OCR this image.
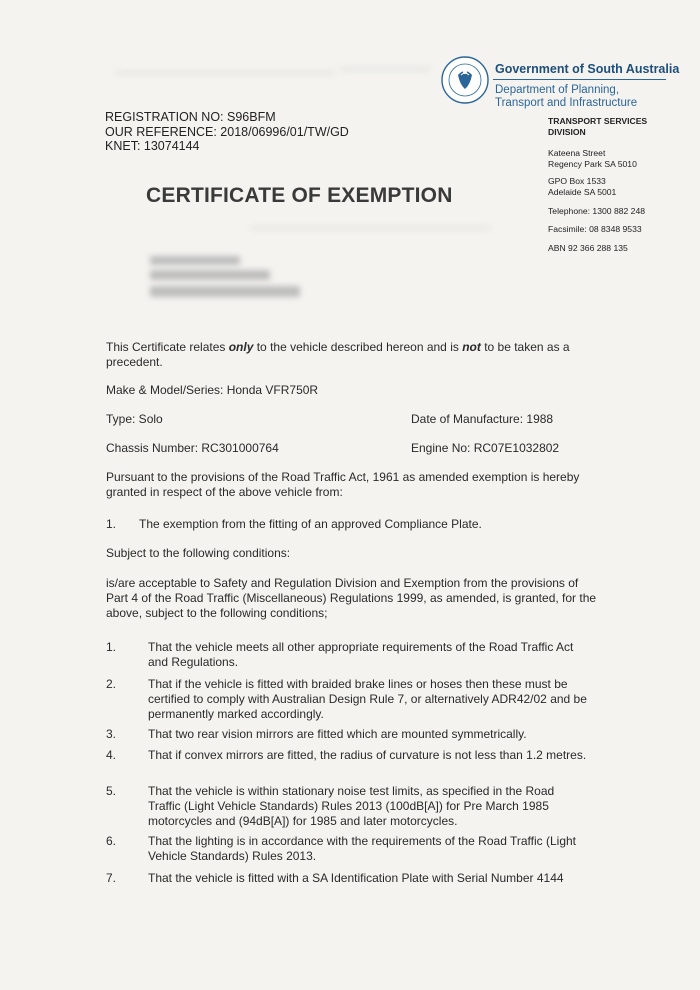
Government of South Australia
Department of Planning,
Transport and Infrastructure
REGISTRATION NO: S96BFM
OUR REFERENCE: 2018/06996/01/TW/GD
KNET: 13074144
TRANSPORT SERVICES
DIVISION
Kateena Street
Regency Park SA 5010
GPO Box 1533
Adelaide SA 5001
Telephone: 1300 882 248
Facsimile: 08 8348 9533
ABN 92 366 288 135
CERTIFICATE OF EXEMPTION
This Certificate relates only to the vehicle described hereon and is not to be taken as a precedent.
Make & Model/Series: Honda VFR750R
Type: Solo	Date of Manufacture: 1988
Chassis Number: RC301000764	Engine No: RC07E1032802
Pursuant to the provisions of the Road Traffic Act, 1961 as amended exemption is hereby granted in respect of the above vehicle from:
1. The exemption from the fitting of an approved Compliance Plate.
Subject to the following conditions:
is/are acceptable to Safety and Regulation Division and Exemption from the provisions of Part 4 of the Road Traffic (Miscellaneous) Regulations 1999, as amended, is granted, for the above, subject to the following conditions;
1.	That the vehicle meets all other appropriate requirements of the Road Traffic Act and Regulations.
2.	That if the vehicle is fitted with braided brake lines or hoses then these must be certified to comply with Australian Design Rule 7, or alternatively ADR42/02 and be permanently marked accordingly.
3.	That two rear vision mirrors are fitted which are mounted symmetrically.
4.	That if convex mirrors are fitted, the radius of curvature is not less than 1.2 metres.
5.	That the vehicle is within stationary noise test limits, as specified in the Road Traffic (Light Vehicle Standards) Rules 2013 (100dB[A]) for Pre March 1985 motorcycles and (94dB[A]) for 1985 and later motorcycles.
6.	That the lighting is in accordance with the requirements of the Road Traffic (Light Vehicle Standards) Rules 2013.
7.	That the vehicle is fitted with a SA Identification Plate with Serial Number 4144
